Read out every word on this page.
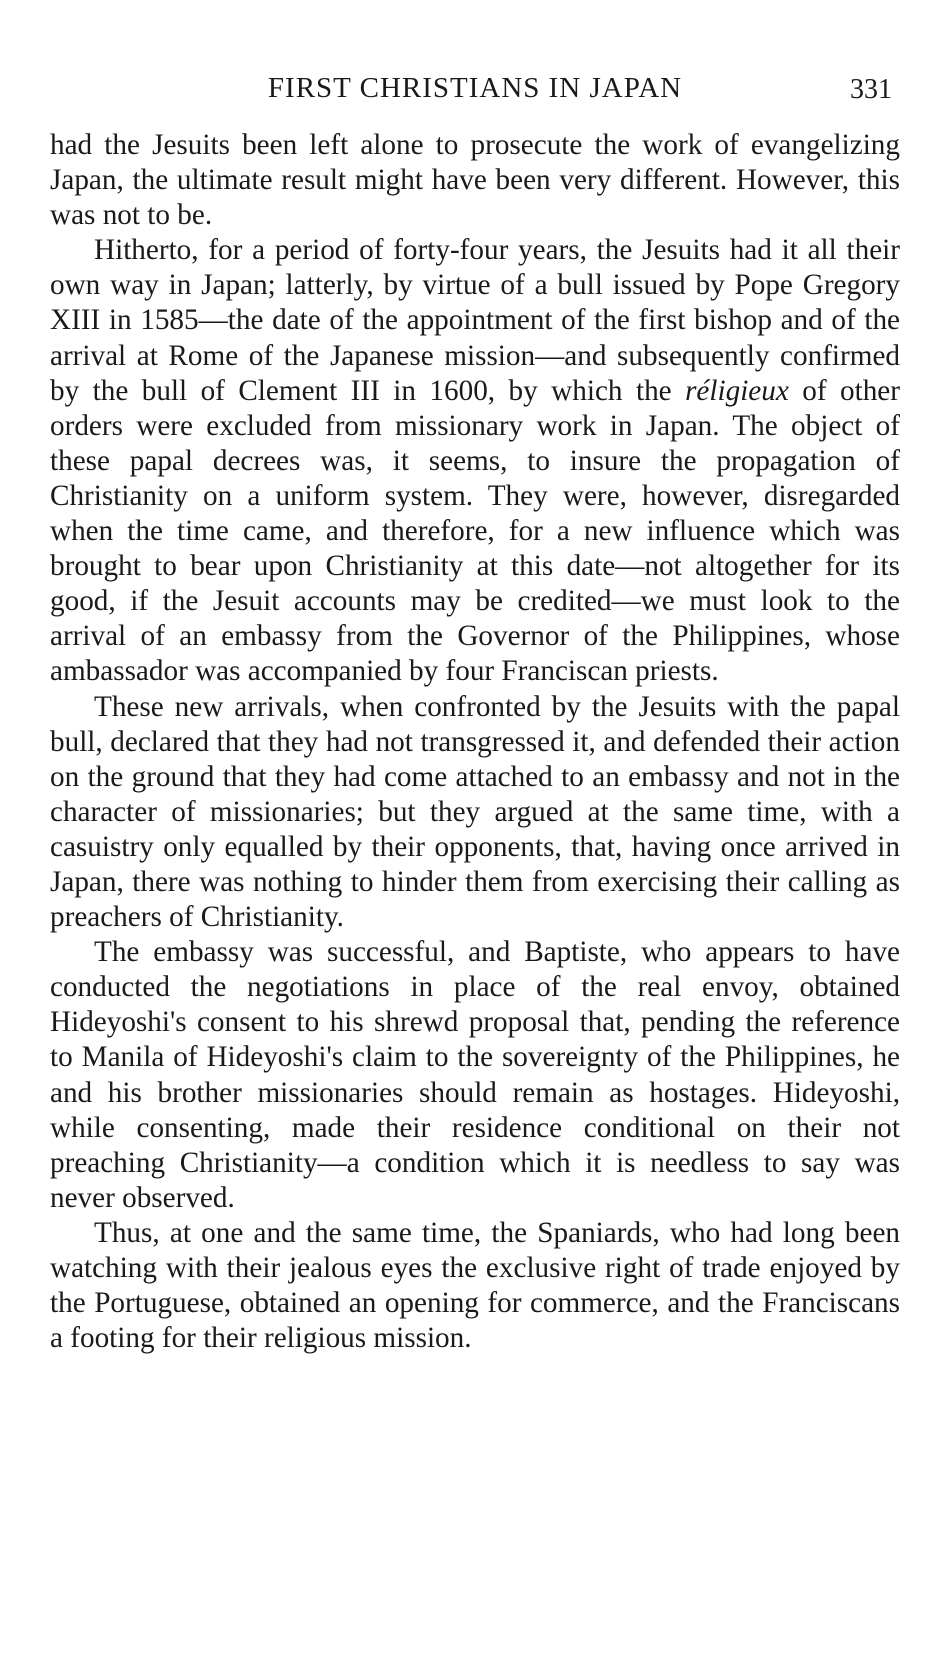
FIRST CHRISTIANS IN JAPAN	331

had the Jesuits been left alone to prosecute the work of evangelizing Japan, the ultimate result might have been very different. However, this was not to be.

Hitherto, for a period of forty-four years, the Jesuits had it all their own way in Japan; latterly, by virtue of a bull issued by Pope Gregory XIII in 1585—the date of the appointment of the first bishop and of the arrival at Rome of the Japanese mission—and subsequently confirmed by the bull of Clement III in 1600, by which the réligieux of other orders were excluded from missionary work in Japan. The object of these papal decrees was, it seems, to insure the propagation of Christianity on a uniform system. They were, however, disregarded when the time came, and therefore, for a new influence which was brought to bear upon Christianity at this date—not altogether for its good, if the Jesuit accounts may be credited—we must look to the arrival of an embassy from the Governor of the Philippines, whose ambassador was accompanied by four Franciscan priests.

These new arrivals, when confronted by the Jesuits with the papal bull, declared that they had not transgressed it, and defended their action on the ground that they had come attached to an embassy and not in the character of missionaries; but they argued at the same time, with a casuistry only equalled by their opponents, that, having once arrived in Japan, there was nothing to hinder them from exercising their calling as preachers of Christianity.

The embassy was successful, and Baptiste, who appears to have conducted the negotiations in place of the real envoy, obtained Hideyoshi's consent to his shrewd proposal that, pending the reference to Manila of Hideyoshi's claim to the sovereignty of the Philippines, he and his brother missionaries should remain as hostages. Hideyoshi, while consenting, made their residence conditional on their not preaching Christianity—a condition which it is needless to say was never observed.

Thus, at one and the same time, the Spaniards, who had long been watching with their jealous eyes the exclusive right of trade enjoyed by the Portuguese, obtained an opening for commerce, and the Franciscans a footing for their religious mission.
